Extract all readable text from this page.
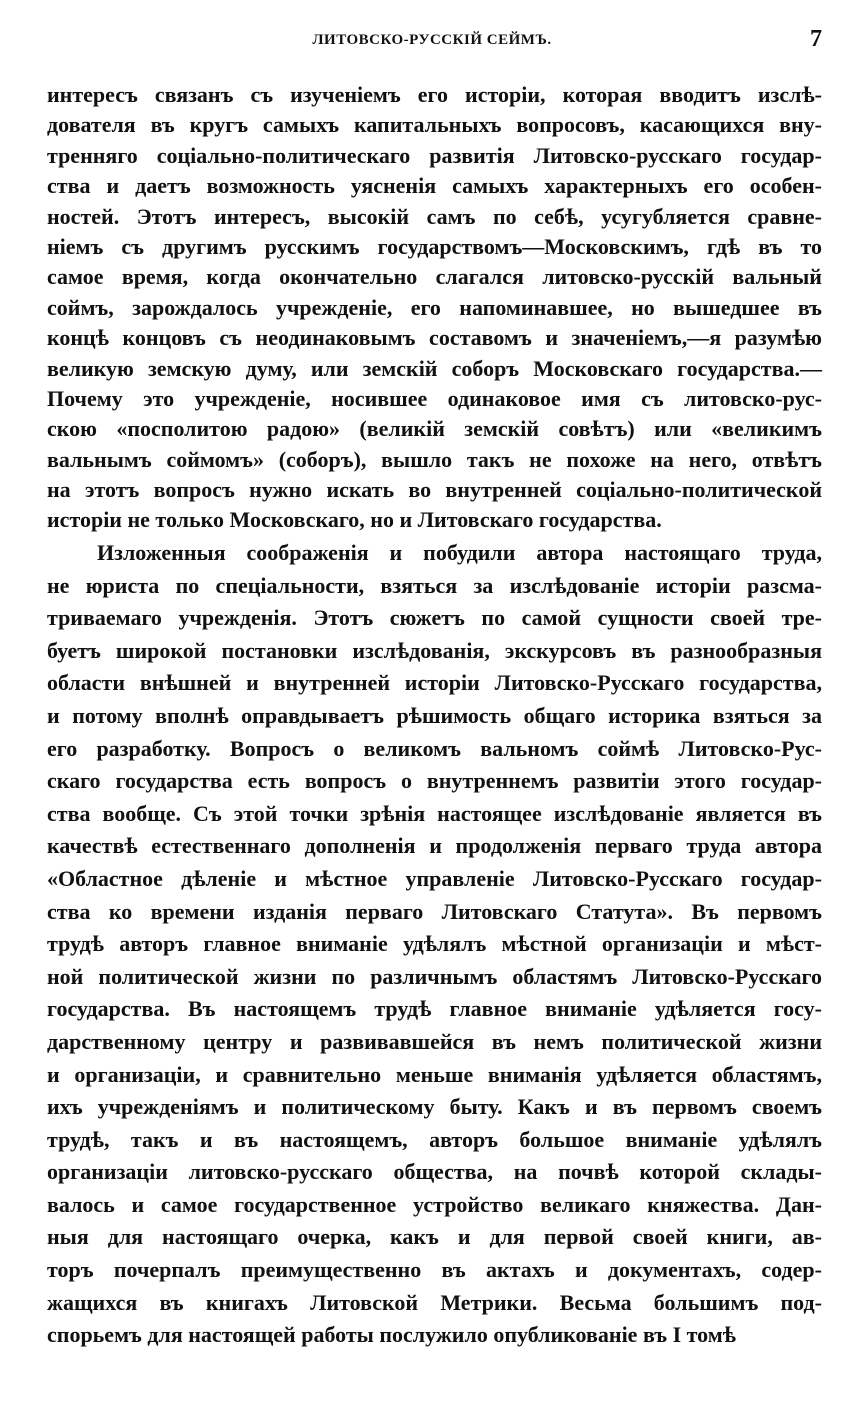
ЛИТОВСКО-РУССКІЙ СЕЙМЪ.	7
интересъ связанъ съ изученіемъ его исторіи, которая вводитъ изслѣ-
дователя въ кругъ самыхъ капитальныхъ вопросовъ, касающихся вну-
тренняго соціально-политическаго развитія Литовско-русскаго государ-
ства и даетъ возможность уясненія самыхъ характерныхъ его особен-
ностей. Этотъ интересъ, высокій самъ по себѣ, усугубляется сравне-
ніемъ съ другимъ русскимъ государствомъ—Московскимъ, гдѣ въ то
самое время, когда окончательно слагался литовско-русскій вальный
соймъ, зарождалось учрежденіе, его напоминавшее, но вышедшее въ
концѣ концовъ съ неодинаковымъ составомъ и значеніемъ,—я разумѣю
великую земскую думу, или земскій соборъ Московскаго государства.—
Почему это учрежденіе, носившее одинаковое имя съ литовско-рус-
скою «посполитою радою» (великій земскій совѣтъ) или «великимъ
вальнымъ соймомъ» (соборъ), вышло такъ не похоже на него, отвѣтъ
на этотъ вопросъ нужно искать во внутренней соціально-политической
исторіи не только Московскаго, но и Литовскаго государства.
Изложенныя соображенія и побудили автора настоящаго труда,
не юриста по спеціальности, взяться за изслѣдованіе исторіи разсма-
триваемаго учрежденія. Этотъ сюжетъ по самой сущности своей тре-
буетъ широкой постановки изслѣдованія, экскурсовъ въ разнообразныя
области внѣшней и внутренней исторіи Литовско-Русскаго государства,
и потому вполнѣ оправдываетъ рѣшимость общаго историка взяться за
его разработку. Вопросъ о великомъ вальномъ соймѣ Литовско-Рус-
скаго государства есть вопросъ о внутреннемъ развитіи этого государ-
ства вообще. Съ этой точки зрѣнія настоящее изслѣдованіе является въ
качествѣ естественнаго дополненія и продолженія перваго труда автора
«Областное дѣленіе и мѣстное управленіе Литовско-Русскаго государ-
ства ко времени изданія перваго Литовскаго Статута». Въ первомъ
трудѣ авторъ главное вниманіе удѣлялъ мѣстной организаціи и мѣст-
ной политической жизни по различнымъ областямъ Литовско-Русскаго
государства. Въ настоящемъ трудѣ главное вниманіе удѣляется госу-
дарственному центру и развивавшейся въ немъ политической жизни
и организаціи, и сравнительно меньше вниманія удѣляется областямъ,
ихъ учрежденіямъ и политическому быту. Какъ и въ первомъ своемъ
трудѣ, такъ и въ настоящемъ, авторъ большое вниманіе удѣлялъ
организаціи литовско-русскаго общества, на почвѣ которой склады-
валось и самое государственное устройство великаго княжества. Дан-
ныя для настоящаго очерка, какъ и для первой своей книги, ав-
торъ почерпалъ преимущественно въ актахъ и документахъ, содер-
жащихся въ книгахъ Литовской Метрики. Весьма большимъ под-
спорьемъ для настоящей работы послужило опубликованіе въ I томѣ
